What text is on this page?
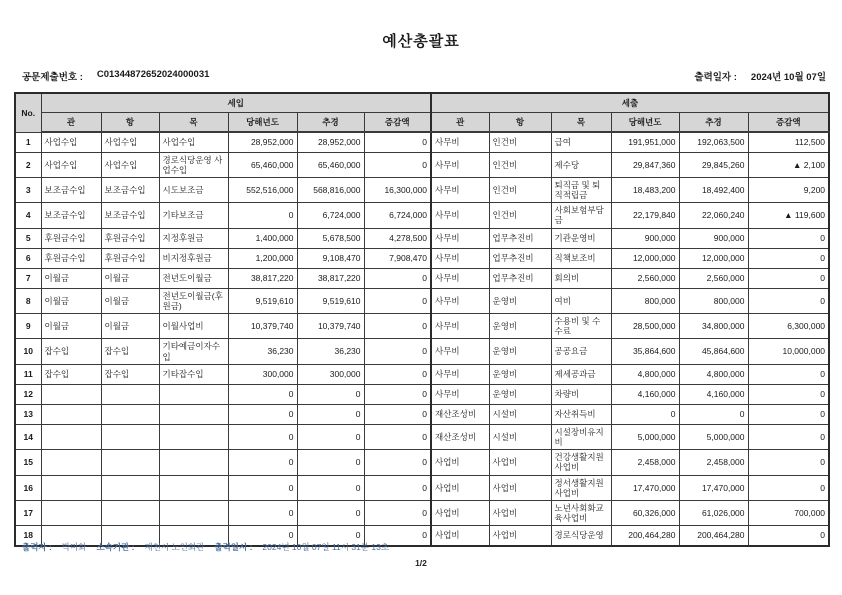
예산총괄표
공문제출번호 : C01344872652024000031	출력일자 : 2024년 10월 07일
No.	세입						세출					
	관	항	목	당해년도	추경	증감액	관	항	목	당해년도	추경	증감액
1	사업수입	사업수입	사업수입	28,952,000	28,952,000	0	사무비	인건비	급여	191,951,000	192,063,500	112,500
2	사업수입	사업수입	경로식당운영 사업수입	65,460,000	65,460,000	0	사무비	인건비	제수당	29,847,360	29,845,260	▲ 2,100
3	보조금수입	보조금수입	시도보조금	552,516,000	568,816,000	16,300,000	사무비	인건비	퇴직금 및 퇴직적립금	18,483,200	18,492,400	9,200
4	보조금수입	보조금수입	기타보조금	0	6,724,000	6,724,000	사무비	인건비	사회보험부담금	22,179,840	22,060,240	▲ 119,600
5	후원금수입	후원금수입	지정후원금	1,400,000	5,678,500	4,278,500	사무비	업무추진비	기관운영비	900,000	900,000	0
6	후원금수입	후원금수입	비지정후원금	1,200,000	9,108,470	7,908,470	사무비	업무추진비	직책보조비	12,000,000	12,000,000	0
7	이월금	이월금	전년도이월금	38,817,220	38,817,220	0	사무비	업무추진비	회의비	2,560,000	2,560,000	0
8	이월금	이월금	전년도이월금(후원금)	9,519,610	9,519,610	0	사무비	운영비	여비	800,000	800,000	0
9	이월금	이월금	이월사업비	10,379,740	10,379,740	0	사무비	운영비	수용비 및 수수료	28,500,000	34,800,000	6,300,000
10	잡수입	잡수입	기타예금이자수입	36,230	36,230	0	사무비	운영비	공공요금	35,864,600	45,864,600	10,000,000
11	잡수입	잡수입	기타잡수입	300,000	300,000	0	사무비	운영비	제세공과금	4,800,000	4,800,000	0
12				0	0	0	사무비	운영비	차량비	4,160,000	4,160,000	0
13				0	0	0	재산조성비	시설비	자산취득비	0	0	0
14				0	0	0	재산조성비	시설비	시설장비유지비	5,000,000	5,000,000	0
15				0	0	0	사업비	사업비	건강생활지원사업비	2,458,000	2,458,000	0
16				0	0	0	사업비	사업비	정서생활지원사업비	17,470,000	17,470,000	0
17				0	0	0	사업비	사업비	노년사회화교육사업비	60,326,000	61,026,000	700,000
18				0	0	0	사업비	사업비	경로식당운영	200,464,280	200,464,280	0
출력자 : 박미화 소속기관 : 제천시 노인회관 출력일시 : 2024년 10월 07일 11시 31분 13초
1/2
